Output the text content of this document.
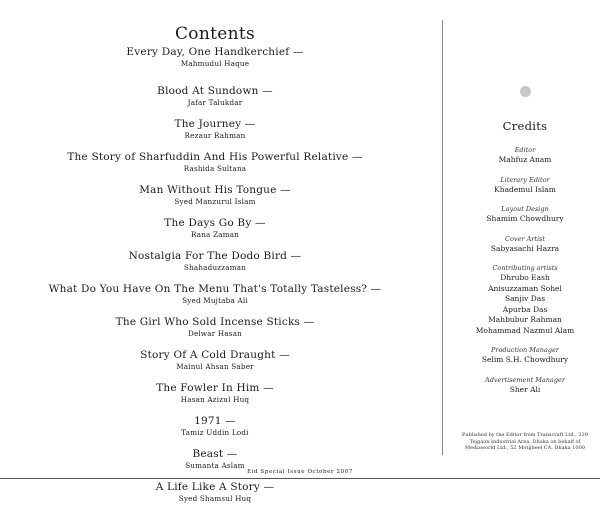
Contents
Every Day, One Handkerchief —
Mahmudul Haque
Blood At Sundown —
Jafar Talukdar
The Journey —
Rezaur Rahman
The Story of Sharfuddin And His Powerful Relative —
Rashida Sultana
Man Without His Tongue —
Syed Manzurul Islam
The Days Go By —
Rana Zaman
Nostalgia For The Dodo Bird —
Shahaduzzaman
What Do You Have On The Menu That's Totally Tasteless? —
Syed Mujtaba Ali
The Girl Who Sold Incense Sticks —
Delwar Hasan
Story Of A Cold Draught —
Mainul Ahsan Saber
The Fowler In Him —
Hasan Azizul Huq
1971 —
Tamiz Uddin Lodi
Beast —
Sumanta Aslam
A Life Like A Story —
Syed Shamsul Huq
Credits
Editor
Mahfuz Anam
Literary Editor
Khademul Islam
Layout Design
Shamim Chowdhury
Cover Artist
Sabyasachi Hazra
Contributing artists
Dhrubo Eash
Anisuzzaman Sohel
Sanjiv Das
Apurba Das
Mahbubur Rahman
Mohammad Nazmul Alam
Production Manager
Selim S.H. Chowdhury
Advertisement Manager
Sher Ali
Published by the Editor from Transcraft Ltd., 229
Tejgaon Industrial Area, Dhaka on behalf of
Mediaworld Ltd., 52 Motijheel CA, Dhaka 1000
Eid Special Issue October 2007
